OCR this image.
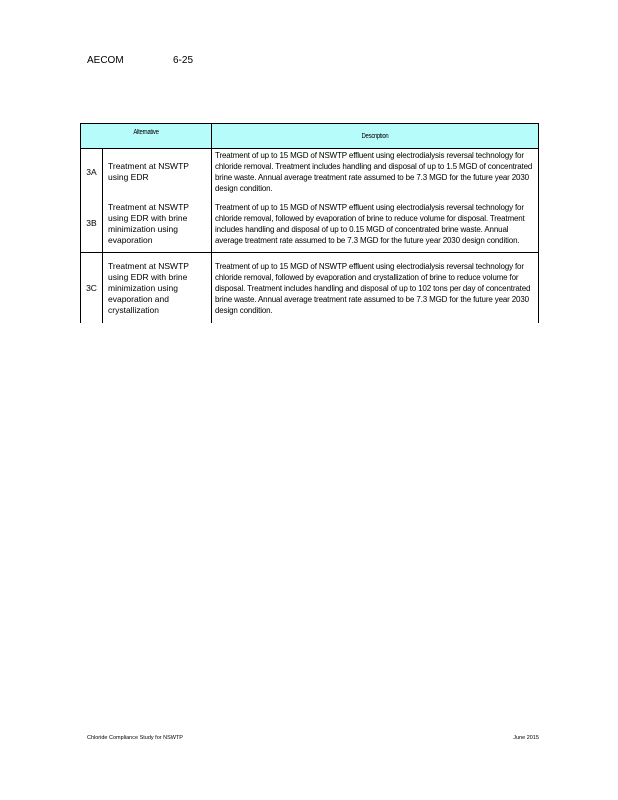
AECOM	6-25
Alternative		Description

3A	Treatment at NSWTP using EDR	Treatment of up to 15 MGD of NSWTP effluent using electrodialysis reversal technology for chloride removal. Treatment includes handling and disposal of up to 1.5 MGD of concentrated brine waste. Annual average treatment rate assumed to be 7.3 MGD for the future year 2030 design condition.
3B	Treatment at NSWTP using EDR with brine minimization using evaporation	Treatment of up to 15 MGD of NSWTP effluent using electrodialysis reversal technology for chloride removal, followed by evaporation of brine to reduce volume for disposal. Treatment includes handling and disposal of up to 0.15 MGD of concentrated brine waste. Annual average treatment rate assumed to be 7.3 MGD for the future year 2030 design condition.
3C	Treatment at NSWTP using EDR with brine minimization using evaporation and crystallization	Treatment of up to 15 MGD of NSWTP effluent using electrodialysis reversal technology for chloride removal, followed by evaporation and crystallization of brine to reduce volume for disposal. Treatment includes handling and disposal of up to 102 tons per day of concentrated brine waste. Annual average treatment rate assumed to be 7.3 MGD for the future year 2030 design condition.
Chloride Compliance Study for NSWTP	June 2015
